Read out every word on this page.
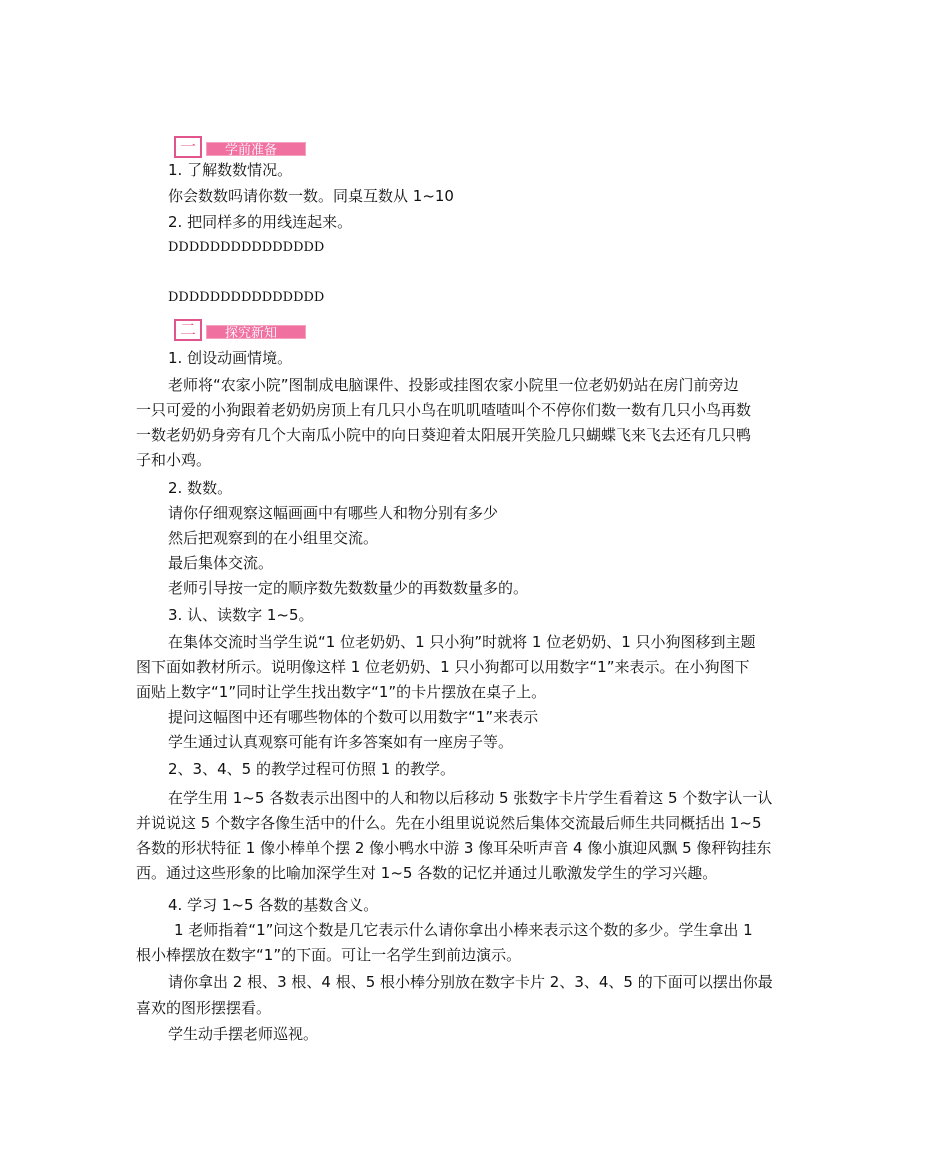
一	学前准备
1. 了解数数情况。
你会数数吗请你数一数。同桌互数从 1~10
2. 把同样多的用线连起来。
DDDDDDDDDDDDDDD
DDDDDDDDDDDDDDD
二	探究新知
1. 创设动画情境。
老师将“农家小院”图制成电脑课件、投影或挂图农家小院里一位老奶奶站在房门前旁边
一只可爱的小狗跟着老奶奶房顶上有几只小鸟在叽叽喳喳叫个不停你们数一数有几只小鸟再数
一数老奶奶身旁有几个大南瓜小院中的向日葵迎着太阳展开笑脸几只蝴蝶飞来飞去还有几只鸭
子和小鸡。
2. 数数。
请你仔细观察这幅画画中有哪些人和物分别有多少
然后把观察到的在小组里交流。
最后集体交流。
老师引导按一定的顺序数先数数量少的再数数量多的。
3. 认、读数字 1~5。
在集体交流时当学生说“1 位老奶奶、1 只小狗”时就将 1 位老奶奶、1 只小狗图移到主题
图下面如教材所示。说明像这样 1 位老奶奶、1 只小狗都可以用数字“1”来表示。在小狗图下
面贴上数字“1”同时让学生找出数字“1”的卡片摆放在桌子上。
提问这幅图中还有哪些物体的个数可以用数字“1”来表示
学生通过认真观察可能有许多答案如有一座房子等。
2、3、4、5 的教学过程可仿照 1 的教学。
在学生用 1~5 各数表示出图中的人和物以后移动 5 张数字卡片学生看着这 5 个数字认一认
并说说这 5 个数字各像生活中的什么。先在小组里说说然后集体交流最后师生共同概括出 1~5
各数的形状特征 1 像小棒单个摆 2 像小鸭水中游 3 像耳朵听声音 4 像小旗迎风飘 5 像秤钩挂东
西。通过这些形象的比喻加深学生对 1~5 各数的记忆并通过儿歌激发学生的学习兴趣。
4. 学习 1~5 各数的基数含义。
1 老师指着“1”问这个数是几它表示什么请你拿出小棒来表示这个数的多少。学生拿出 1
根小棒摆放在数字“1”的下面。可让一名学生到前边演示。
请你拿出 2 根、3 根、4 根、5 根小棒分别放在数字卡片 2、3、4、5 的下面可以摆出你最
喜欢的图形摆摆看。
学生动手摆老师巡视。
